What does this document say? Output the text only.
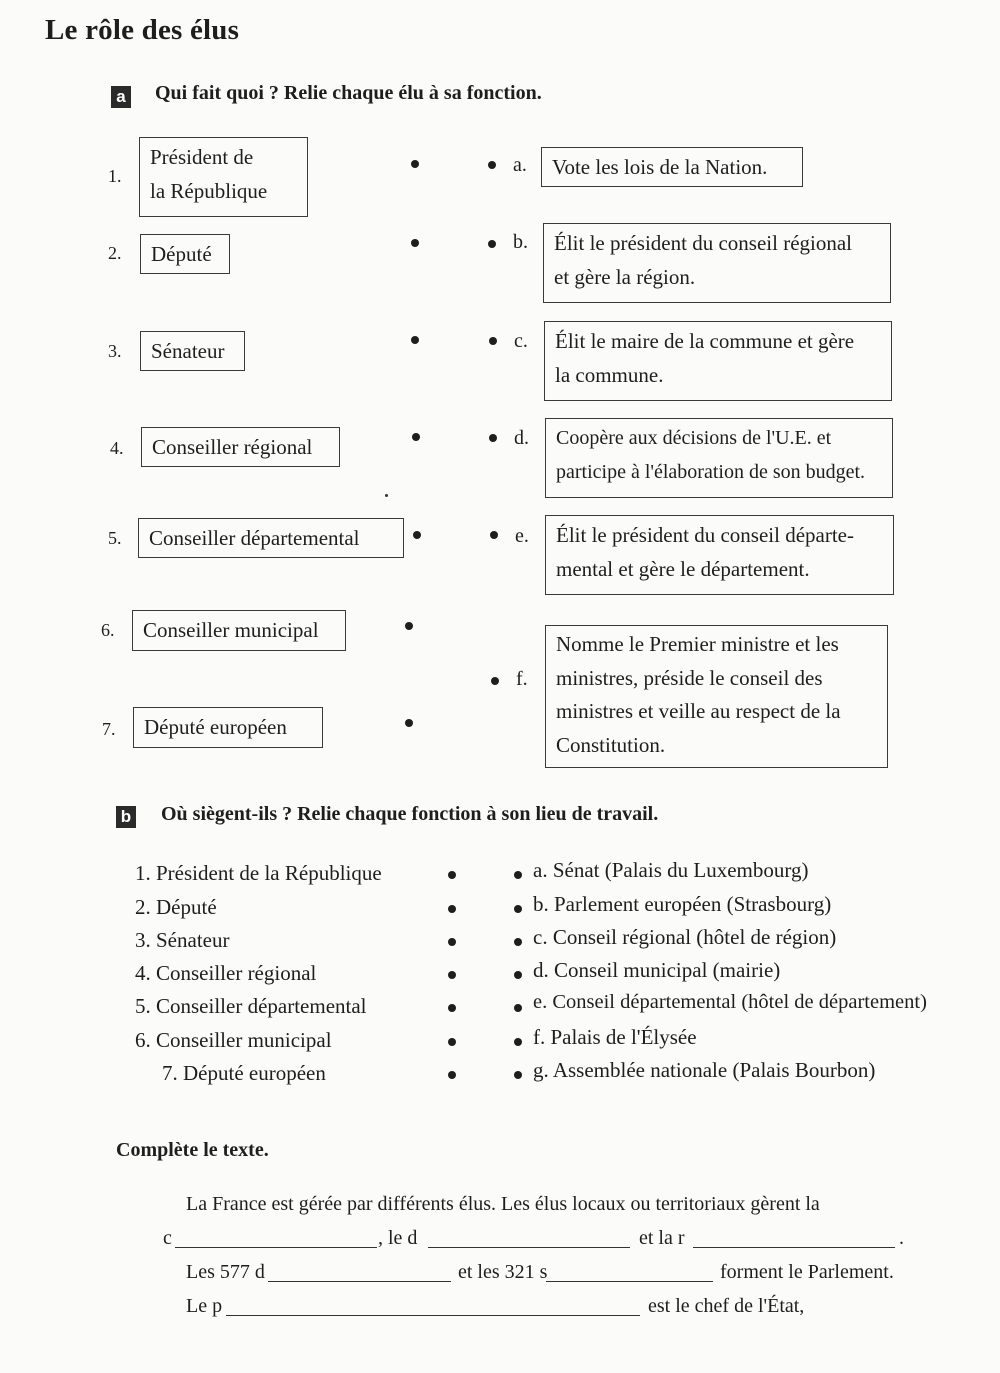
Le rôle des élus
a Qui fait quoi ? Relie chaque élu à sa fonction.
1.
Président de
la République
2.	Député
3.	Sénateur
4.	Conseiller régional
5.	Conseiller départemental
6.	Conseiller municipal
7.	Député européen
a.	Vote les lois de la Nation.
b.	Élit le président du conseil régional
et gère la région.
c.	Élit le maire de la commune et gère
la commune.
d.	Coopère aux décisions de l'U.E. et
participe à l'élaboration de son budget.
e.	Élit le président du conseil départe-
mental et gère le département.
f.
Nomme le Premier ministre et les
ministres, préside le conseil des
ministres et veille au respect de la
Constitution.
b Où siègent-ils ? Relie chaque fonction à son lieu de travail.
1. Président de la République
2. Député
3. Sénateur
4. Conseiller régional
5. Conseiller départemental
6. Conseiller municipal
7. Député européen
a. Sénat (Palais du Luxembourg)
b. Parlement européen (Strasbourg)
c. Conseil régional (hôtel de région)
d. Conseil municipal (mairie)
e. Conseil départemental (hôtel de département)
f. Palais de l'Élysée
g. Assemblée nationale (Palais Bourbon)
Complète le texte.
La France est gérée par différents élus. Les élus locaux ou territoriaux gèrent la
c	, le d	et la r	.
Les 577 d	et les 321 s	forment le Parlement.
Le p	est le chef de l'État,
